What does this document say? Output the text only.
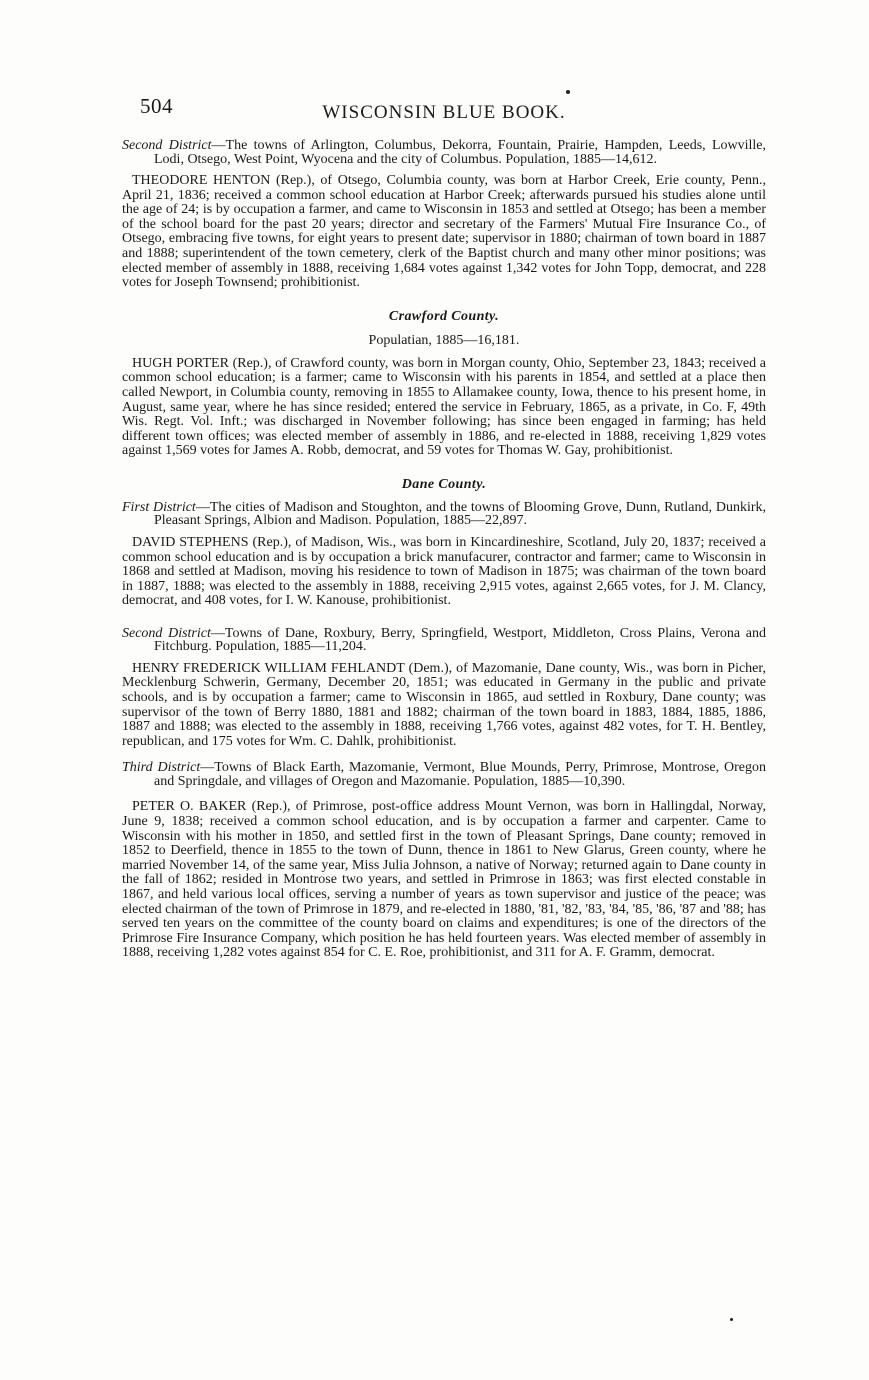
504	WISCONSIN BLUE BOOK.

Second District—The towns of Arlington, Columbus, Dekorra, Fountain, Prairie, Hampden, Leeds, Lowville, Lodi, Otsego, West Point, Wyocena and the city of Columbus. Population, 1885—14,612.

THEODORE HENTON (Rep.), of Otsego, Columbia county, was born at Harbor Creek, Erie county, Penn., April 21, 1836; received a common school education at Harbor Creek; afterwards pursued his studies alone until the age of 24; is by occupation a farmer, and came to Wisconsin in 1853 and settled at Otsego; has been a member of the school board for the past 20 years; director and secretary of the Farmers' Mutual Fire Insurance Co., of Otsego, embracing five towns, for eight years to present date; supervisor in 1880; chairman of town board in 1887 and 1888; superintendent of the town cemetery, clerk of the Baptist church and many other minor positions; was elected member of assembly in 1888, receiving 1,684 votes against 1,342 votes for John Topp, democrat, and 228 votes for Joseph Townsend; prohibitionist.

Crawford County.

Populatian, 1885—16,181.

HUGH PORTER (Rep.), of Crawford county, was born in Morgan county, Ohio, September 23, 1843; received a common school education; is a farmer; came to Wisconsin with his parents in 1854, and settled at a place then called Newport, in Columbia county, removing in 1855 to Allamakee county, Iowa, thence to his present home, in August, same year, where he has since resided; entered the service in February, 1865, as a private, in Co. F, 49th Wis. Regt. Vol. Inft.; was discharged in November following; has since been engaged in farming; has held different town offices; was elected member of assembly in 1886, and re-elected in 1888, receiving 1,829 votes against 1,569 votes for James A. Robb, democrat, and 59 votes for Thomas W. Gay, prohibitionist.

Dane County.

First District—The cities of Madison and Stoughton, and the towns of Blooming Grove, Dunn, Rutland, Dunkirk, Pleasant Springs, Albion and Madison. Population, 1885—22,897.

DAVID STEPHENS (Rep.), of Madison, Wis., was born in Kincardineshire, Scotland, July 20, 1837; received a common school education and is by occupation a brick manufacurer, contractor and farmer; came to Wisconsin in 1868 and settled at Madison, moving his residence to town of Madison in 1875; was chairman of the town board in 1887, 1888; was elected to the assembly in 1888, receiving 2,915 votes, against 2,665 votes, for J. M. Clancy, democrat, and 408 votes, for I. W. Kanouse, prohibitionist.

Second District—Towns of Dane, Roxbury, Berry, Springfield, Westport, Middleton, Cross Plains, Verona and Fitchburg. Population, 1885—11,204.

HENRY FREDERICK WILLIAM FEHLANDT (Dem.), of Mazomanie, Dane county, Wis., was born in Picher, Mecklenburg Schwerin, Germany, December 20, 1851; was educated in Germany in the public and private schools, and is by occupation a farmer; came to Wisconsin in 1865, aud settled in Roxbury, Dane county; was supervisor of the town of Berry 1880, 1881 and 1882; chairman of the town board in 1883, 1884, 1885, 1886, 1887 and 1888; was elected to the assembly in 1888, receiving 1,766 votes, against 482 votes, for T. H. Bentley, republican, and 175 votes for Wm. C. Dahlk, prohibitionist.

Third District—Towns of Black Earth, Mazomanie, Vermont, Blue Mounds, Perry, Primrose, Montrose, Oregon and Springdale, and villages of Oregon and Mazomanie. Population, 1885—10,390.

PETER O. BAKER (Rep.), of Primrose, post-office address Mount Vernon, was born in Hallingdal, Norway, June 9, 1838; received a common school education, and is by occupation a farmer and carpenter. Came to Wisconsin with his mother in 1850, and settled first in the town of Pleasant Springs, Dane county; removed in 1852 to Deerfield, thence in 1855 to the town of Dunn, thence in 1861 to New Glarus, Green county, where he married November 14, of the same year, Miss Julia Johnson, a native of Norway; returned again to Dane county in the fall of 1862; resided in Montrose two years, and settled in Primrose in 1863; was first elected constable in 1867, and held various local offices, serving a number of years as town supervisor and justice of the peace; was elected chairman of the town of Primrose in 1879, and re-elected in 1880, '81, '82, '83, '84, '85, '86, '87 and '88; has served ten years on the committee of the county board on claims and expenditures; is one of the directors of the Primrose Fire Insurance Company, which position he has held fourteen years. Was elected member of assembly in 1888, receiving 1,282 votes against 854 for C. E. Roe, prohibitionist, and 311 for A. F. Gramm, democrat.
